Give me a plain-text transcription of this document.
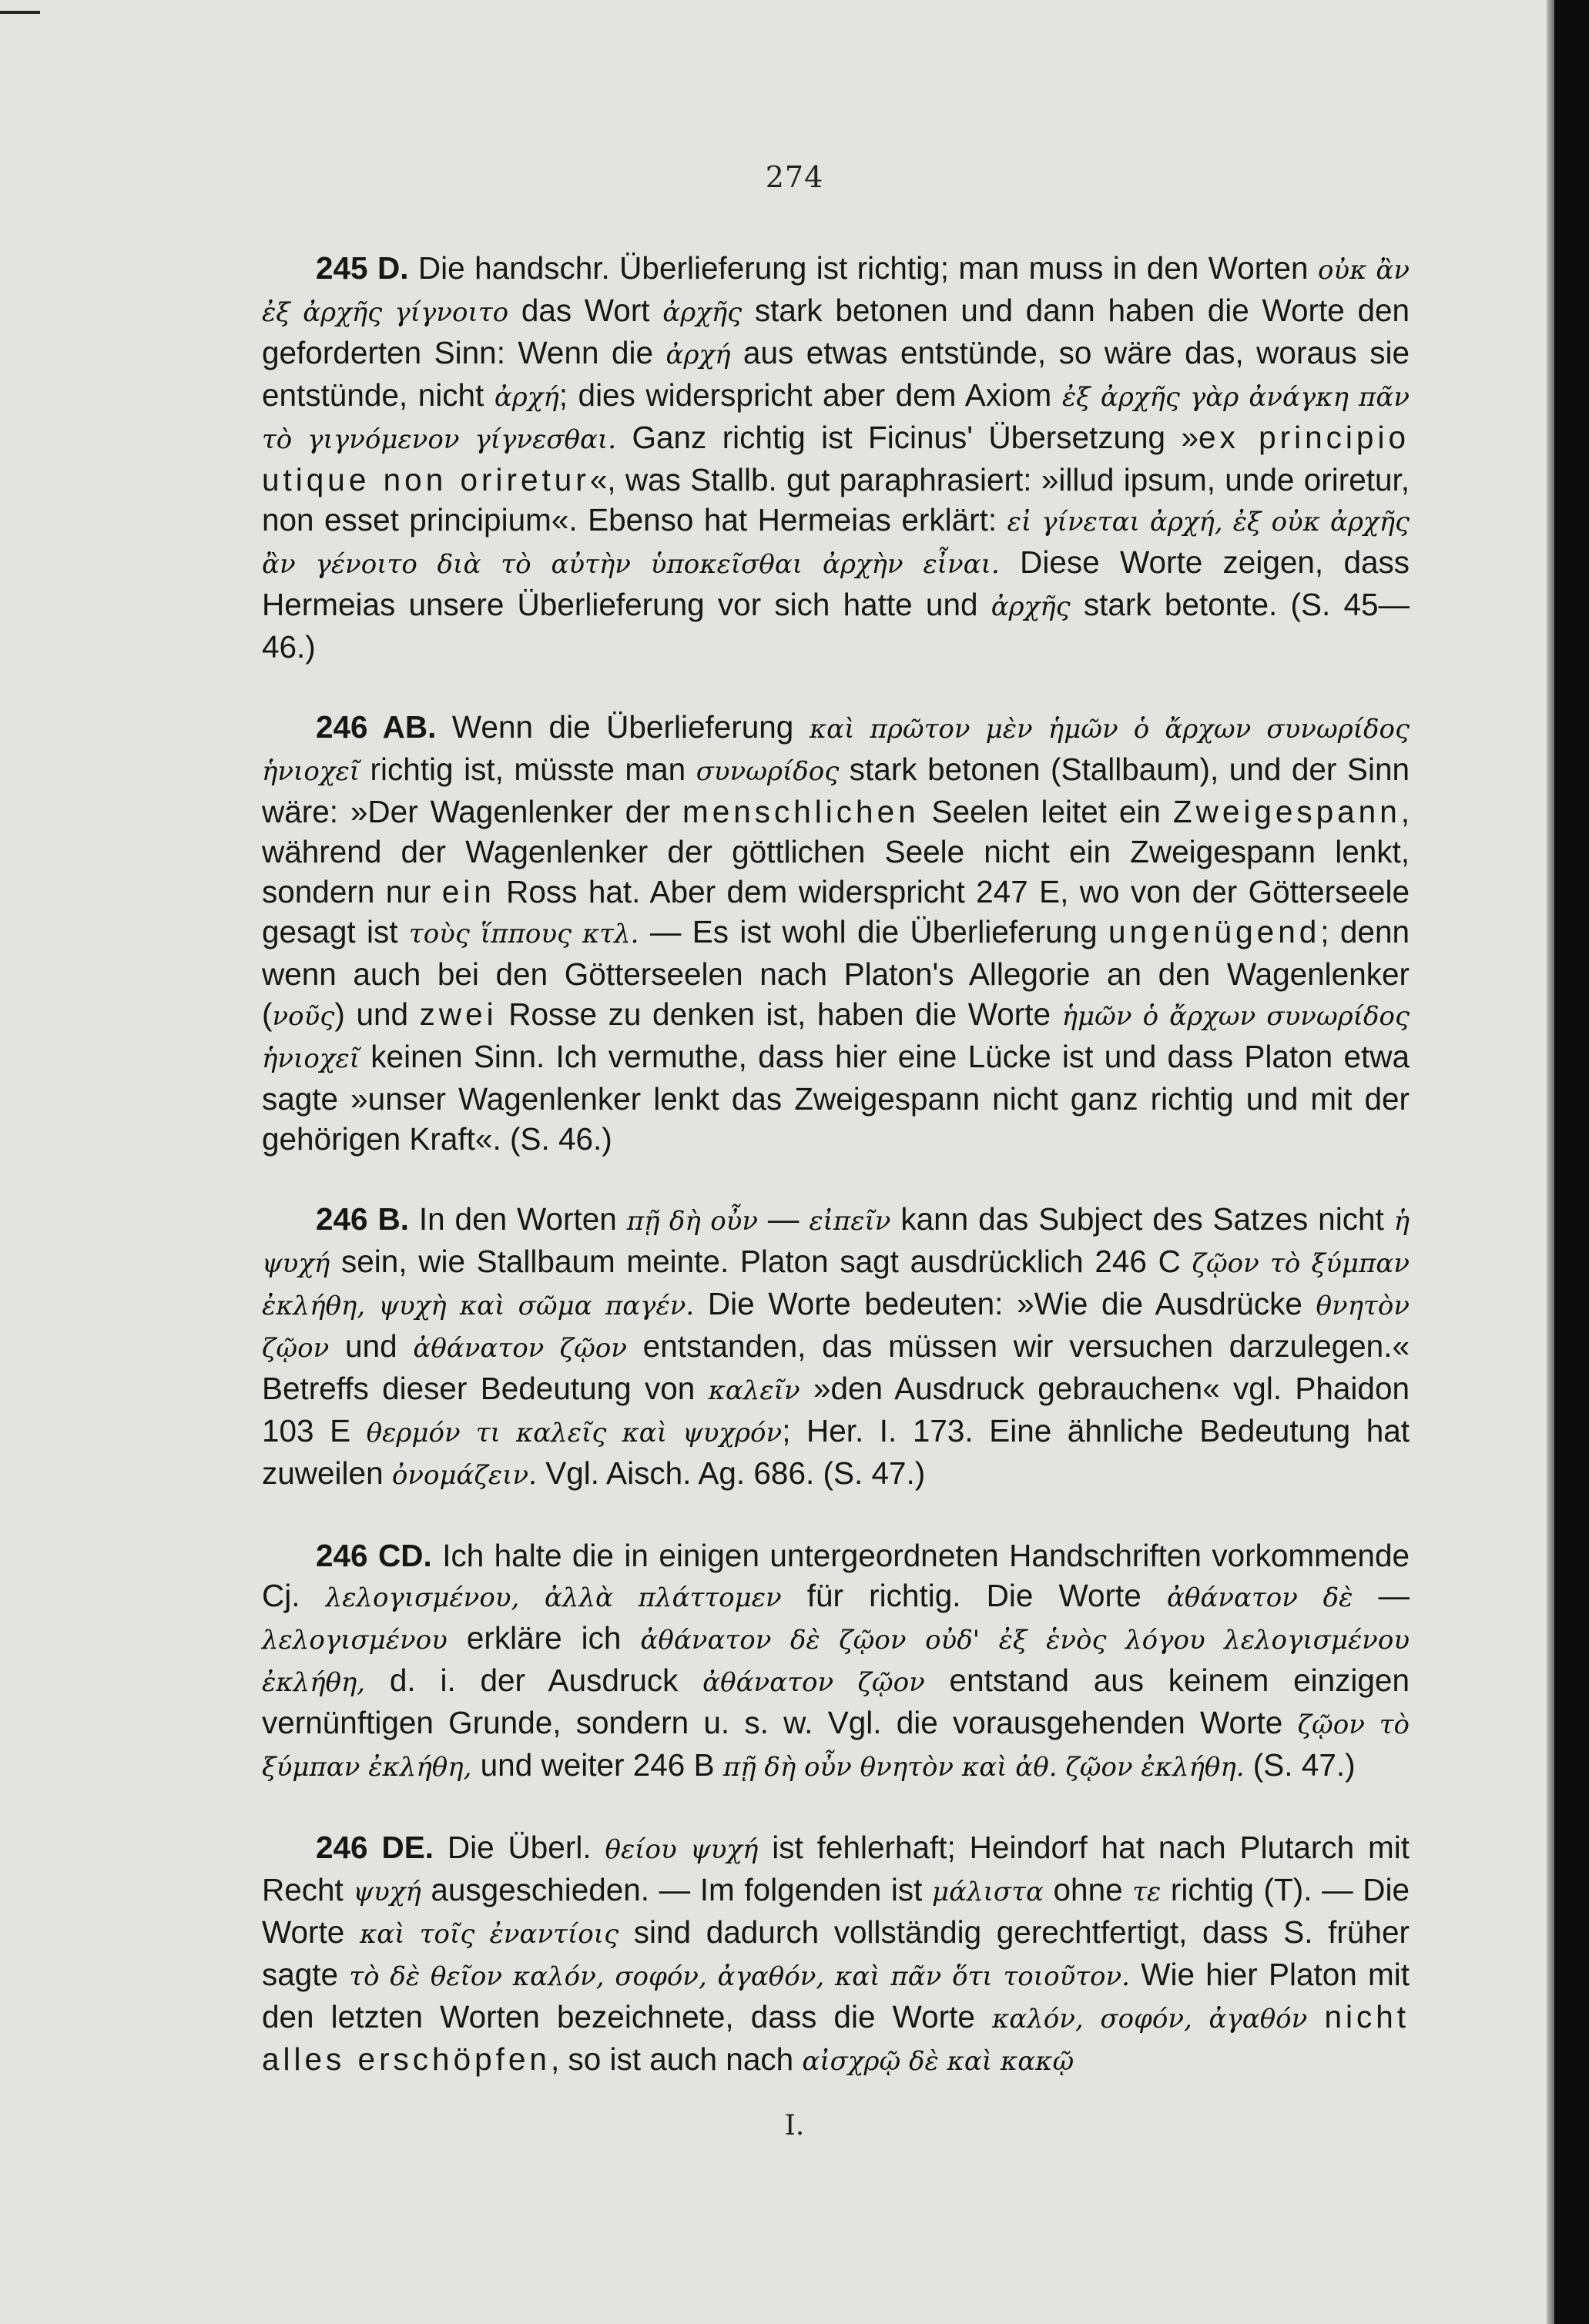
274

245 D. Die handschr. Überlieferung ist richtig; man muss in den Worten οὐκ ἂν ἐξ ἀρχῆς γίγνοιτο das Wort ἀρχῆς stark betonen und dann haben die Worte den geforderten Sinn: Wenn die ἀρχή aus etwas entstünde, so wäre das, woraus sie entstünde, nicht ἀρχή; dies widerspricht aber dem Axiom ἐξ ἀρχῆς γὰρ ἀνάγκη πᾶν τὸ γιγνόμενον γίγνεσθαι. Ganz richtig ist Ficinus' Übersetzung »ex principio utique non oriretur«, was Stallb. gut paraphrasiert: »illud ipsum, unde oriretur, non esset principium«. Ebenso hat Hermeias erklärt: εἰ γίνεται ἀρχή, ἐξ οὐκ ἀρχῆς ἂν γένοιτο διὰ τὸ αὐτὴν ὑποκεῖσθαι ἀρχὴν εἶναι. Diese Worte zeigen, dass Hermeias unsere Überlieferung vor sich hatte und ἀρχῆς stark betonte. (S. 45—46.)

246 AB. Wenn die Überlieferung καὶ πρῶτον μὲν ἡμῶν ὁ ἄρχων συνωρίδος ἡνιοχεῖ richtig ist, müsste man συνωρίδος stark betonen (Stallbaum), und der Sinn wäre: »Der Wagenlenker der menschlichen Seelen leitet ein Zweigespann, während der Wagenlenker der göttlichen Seele nicht ein Zweigespann lenkt, sondern nur ein Ross hat. Aber dem widerspricht 247 E, wo von der Götterseele gesagt ist τοὺς ἵππους κτλ. — Es ist wohl die Überlieferung ungenügend; denn wenn auch bei den Götterseelen nach Platon's Allegorie an den Wagenlenker (νοῦς) und zwei Rosse zu denken ist, haben die Worte ἡμῶν ὁ ἄρχων συνωρίδος ἡνιοχεῖ keinen Sinn. Ich vermuthe, dass hier eine Lücke ist und dass Platon etwa sagte »unser Wagenlenker lenkt das Zweigespann nicht ganz richtig und mit der gehörigen Kraft«. (S. 46.)

246 B. In den Worten πῇ δὴ οὖν — εἰπεῖν kann das Subject des Satzes nicht ἡ ψυχή sein, wie Stallbaum meinte. Platon sagt ausdrücklich 246 C ζῷον τὸ ξύμπαν ἐκλήθη, ψυχὴ καὶ σῶμα παγέν. Die Worte bedeuten: »Wie die Ausdrücke θνητὸν ζῷον und ἀθάνατον ζῷον entstanden, das müssen wir versuchen darzulegen.« Betreffs dieser Bedeutung von καλεῖν »den Ausdruck gebrauchen« vgl. Phaidon 103 E θερμόν τι καλεῖς καὶ ψυχρόν; Her. I. 173. Eine ähnliche Bedeutung hat zuweilen ὀνομάζειν. Vgl. Aisch. Ag. 686. (S. 47.)

246 CD. Ich halte die in einigen untergeordneten Handschriften vorkommende Cj. λελογισμένου, ἀλλὰ πλάττομεν für richtig. Die Worte ἀθάνατον δὲ — λελογισμένου erkläre ich ἀθάνατον δὲ ζῷον οὐδ' ἐξ ἑνὸς λόγου λελογισμένου ἐκλήθη, d. i. der Ausdruck ἀθάνατον ζῷον entstand aus keinem einzigen vernünftigen Grunde, sondern u. s. w. Vgl. die vorausgehenden Worte ζῷον τὸ ξύμπαν ἐκλήθη, und weiter 246 B πῇ δὴ οὖν θνητὸν καὶ ἀθ. ζῷον ἐκλήθη. (S. 47.)

246 DE. Die Überl. θείου ψυχή ist fehlerhaft; Heindorf hat nach Plutarch mit Recht ψυχή ausgeschieden. — Im folgenden ist μάλιστα ohne τε richtig (T). — Die Worte καὶ τοῖς ἐναντίοις sind dadurch vollständig gerechtfertigt, dass S. früher sagte τὸ δὲ θεῖον καλόν, σοφόν, ἀγαθόν, καὶ πᾶν ὅτι τοιοῦτον. Wie hier Platon mit den letzten Worten bezeichnete, dass die Worte καλόν, σοφόν, ἀγαθόν nicht alles erschöpfen, so ist auch nach αἰσχρῷ δὲ καὶ κακῷ

I.
